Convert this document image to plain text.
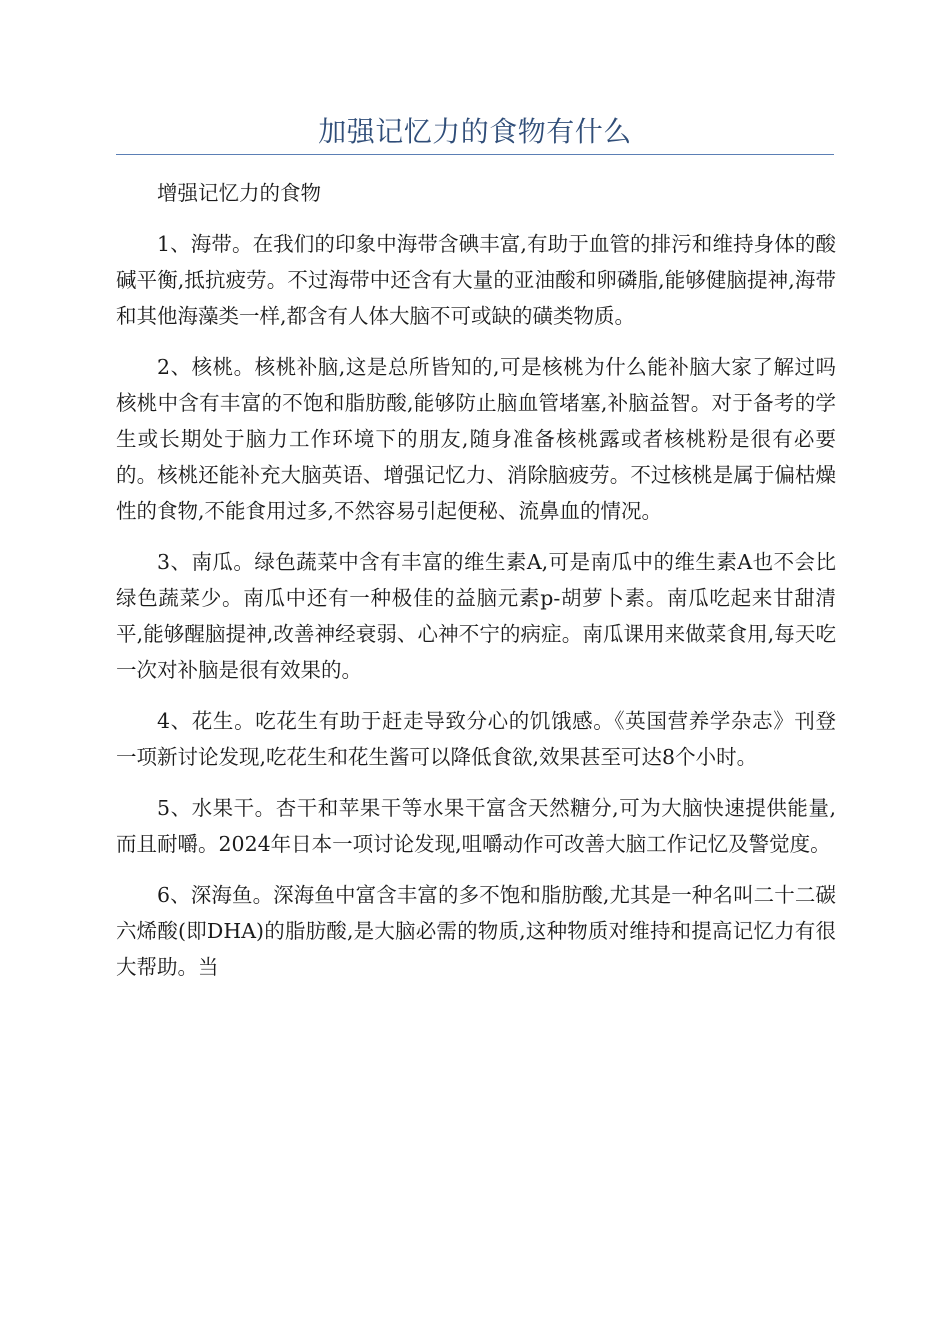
加强记忆力的食物有什么

增强记忆力的食物

1、海带。在我们的印象中海带含碘丰富,有助于血管的排污和维持身体的酸碱平衡,抵抗疲劳。不过海带中还含有大量的亚油酸和卵磷脂,能够健脑提神,海带和其他海藻类一样,都含有人体大脑不可或缺的磺类物质。

2、核桃。核桃补脑,这是总所皆知的,可是核桃为什么能补脑大家了解过吗核桃中含有丰富的不饱和脂肪酸,能够防止脑血管堵塞,补脑益智。对于备考的学生或长期处于脑力工作环境下的朋友,随身准备核桃露或者核桃粉是很有必要的。核桃还能补充大脑英语、增强记忆力、消除脑疲劳。不过核桃是属于偏枯燥性的食物,不能食用过多,不然容易引起便秘、流鼻血的情况。

3、南瓜。绿色蔬菜中含有丰富的维生素A,可是南瓜中的维生素A也不会比绿色蔬菜少。南瓜中还有一种极佳的益脑元素p-胡萝卜素。南瓜吃起来甘甜清平,能够醒脑提神,改善神经衰弱、心神不宁的病症。南瓜课用来做菜食用,每天吃一次对补脑是很有效果的。

4、花生。吃花生有助于赶走导致分心的饥饿感。《英国营养学杂志》刊登一项新讨论发现,吃花生和花生酱可以降低食欲,效果甚至可达8个小时。

5、水果干。杏干和苹果干等水果干富含天然糖分,可为大脑快速提供能量,而且耐嚼。2024年日本一项讨论发现,咀嚼动作可改善大脑工作记忆及警觉度。

6、深海鱼。深海鱼中富含丰富的多不饱和脂肪酸,尤其是一种名叫二十二碳六烯酸(即DHA)的脂肪酸,是大脑必需的物质,这种物质对维持和提高记忆力有很大帮助。当
